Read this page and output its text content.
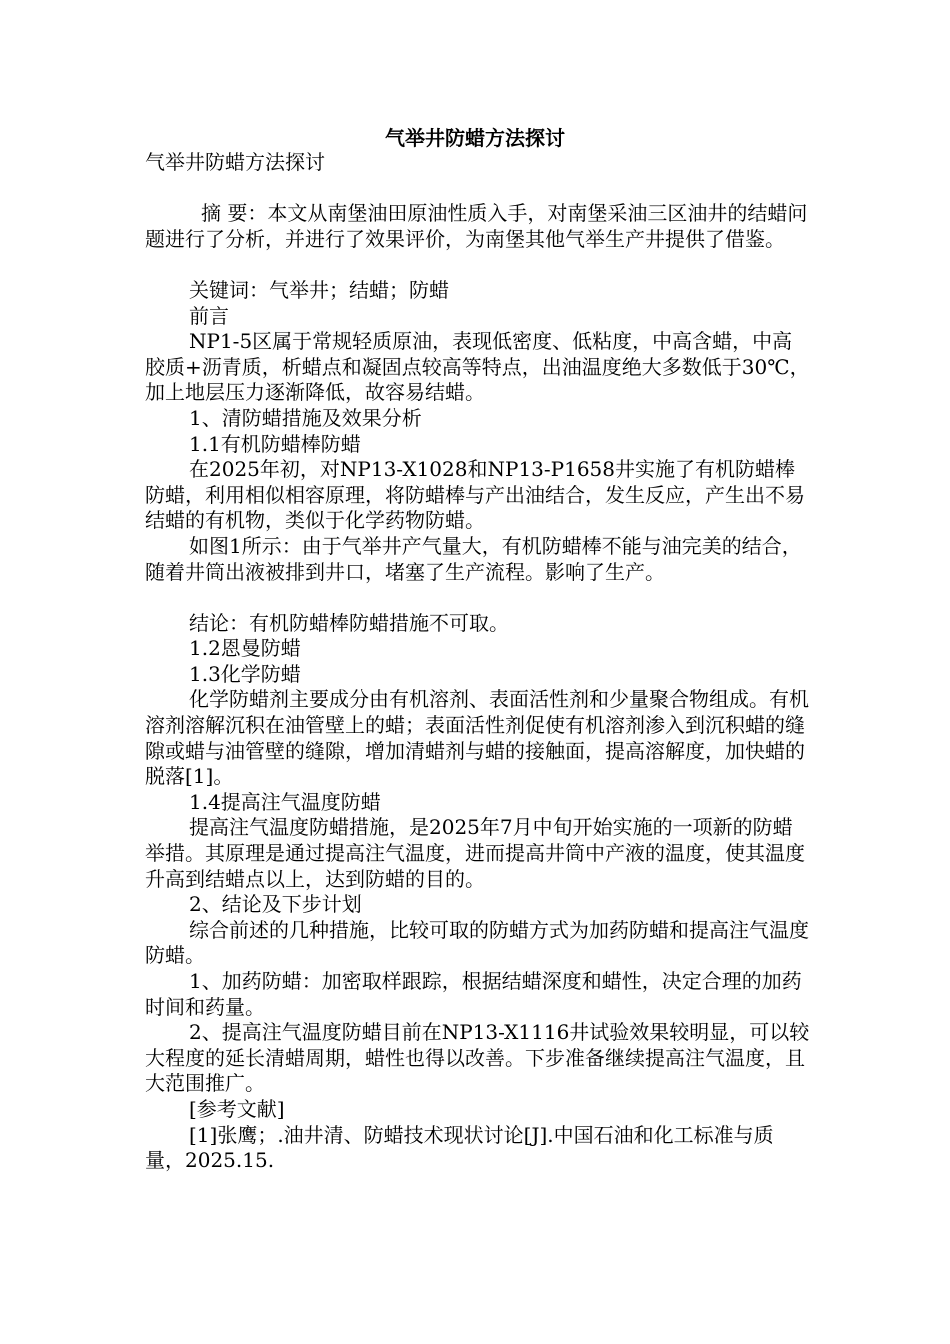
气举井防蜡方法探讨

气举井防蜡方法探讨

摘 要：本文从南堡油田原油性质入手，对南堡采油三区油井的结蜡问题进行了分析，并进行了效果评价，为南堡其他气举生产井提供了借鉴。

关键词：气举井；结蜡；防蜡

前言

NP1-5区属于常规轻质原油，表现低密度、低粘度，中高含蜡，中高胶质+沥青质，析蜡点和凝固点较高等特点，出油温度绝大多数低于30℃，加上地层压力逐渐降低，故容易结蜡。

1、清防蜡措施及效果分析

1.1有机防蜡棒防蜡

在2025年初，对NP13-X1028和NP13-P1658井实施了有机防蜡棒防蜡，利用相似相容原理，将防蜡棒与产出油结合，发生反应，产生出不易结蜡的有机物，类似于化学药物防蜡。

如图1所示：由于气举井产气量大，有机防蜡棒不能与油完美的结合，随着井筒出液被排到井口，堵塞了生产流程。影响了生产。

结论：有机防蜡棒防蜡措施不可取。

1.2恩曼防蜡

1.3化学防蜡

化学防蜡剂主要成分由有机溶剂、表面活性剂和少量聚合物组成。有机溶剂溶解沉积在油管壁上的蜡；表面活性剂促使有机溶剂渗入到沉积蜡的缝隙或蜡与油管壁的缝隙，增加清蜡剂与蜡的接触面，提高溶解度，加快蜡的脱落[1]。

1.4提高注气温度防蜡

提高注气温度防蜡措施，是2025年7月中旬开始实施的一项新的防蜡举措。其原理是通过提高注气温度，进而提高井筒中产液的温度，使其温度升高到结蜡点以上，达到防蜡的目的。

2、结论及下步计划

综合前述的几种措施，比较可取的防蜡方式为加药防蜡和提高注气温度防蜡。

1、加药防蜡：加密取样跟踪，根据结蜡深度和蜡性，决定合理的加药时间和药量。

2、提高注气温度防蜡目前在NP13-X1116井试验效果较明显，可以较大程度的延长清蜡周期，蜡性也得以改善。下步准备继续提高注气温度，且大范围推广。

[参考文献]

[1]张鹰；.油井清、防蜡技术现状讨论[J].中国石油和化工标准与质量，2025.15.
